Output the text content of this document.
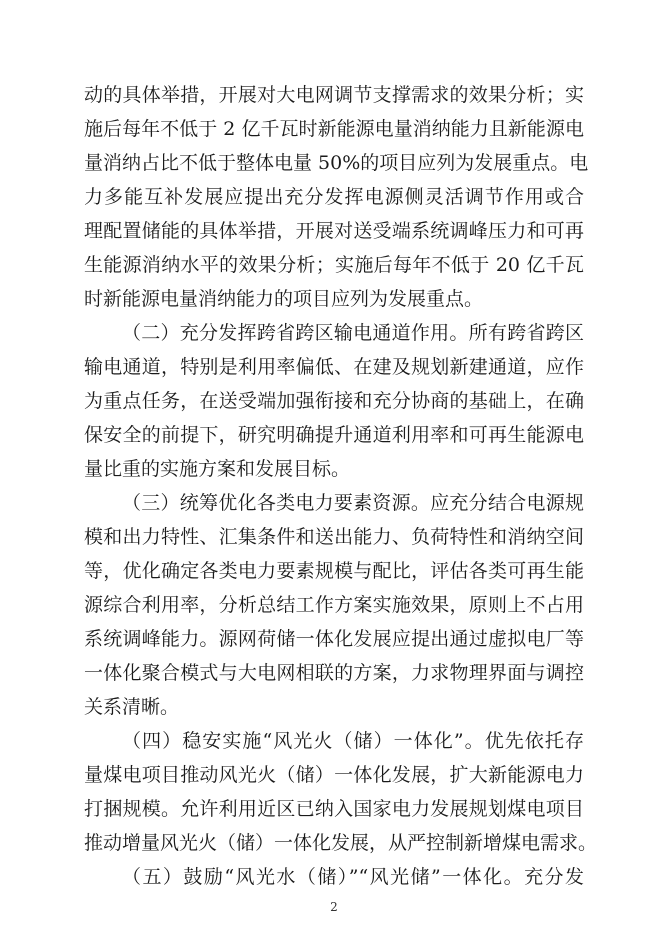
动的具体举措，开展对大电网调节支撑需求的效果分析；实
施后每年不低于 2 亿千瓦时新能源电量消纳能力且新能源电
量消纳占比不低于整体电量 50%的项目应列为发展重点。电
力多能互补发展应提出充分发挥电源侧灵活调节作用或合
理配置储能的具体举措，开展对送受端系统调峰压力和可再
生能源消纳水平的效果分析；实施后每年不低于 20 亿千瓦
时新能源电量消纳能力的项目应列为发展重点。
（二）充分发挥跨省跨区输电通道作用。所有跨省跨区
输电通道，特别是利用率偏低、在建及规划新建通道，应作
为重点任务，在送受端加强衔接和充分协商的基础上，在确
保安全的前提下，研究明确提升通道利用率和可再生能源电
量比重的实施方案和发展目标。
（三）统筹优化各类电力要素资源。应充分结合电源规
模和出力特性、汇集条件和送出能力、负荷特性和消纳空间
等，优化确定各类电力要素规模与配比，评估各类可再生能
源综合利用率，分析总结工作方案实施效果，原则上不占用
系统调峰能力。源网荷储一体化发展应提出通过虚拟电厂等
一体化聚合模式与大电网相联的方案，力求物理界面与调控
关系清晰。
（四）稳安实施“风光火（储）一体化”。优先依托存
量煤电项目推动风光火（储）一体化发展，扩大新能源电力
打捆规模。允许利用近区已纳入国家电力发展规划煤电项目
推动增量风光火（储）一体化发展，从严控制新增煤电需求。
（五）鼓励“风光水（储）”“风光储”一体化。充分发
2
